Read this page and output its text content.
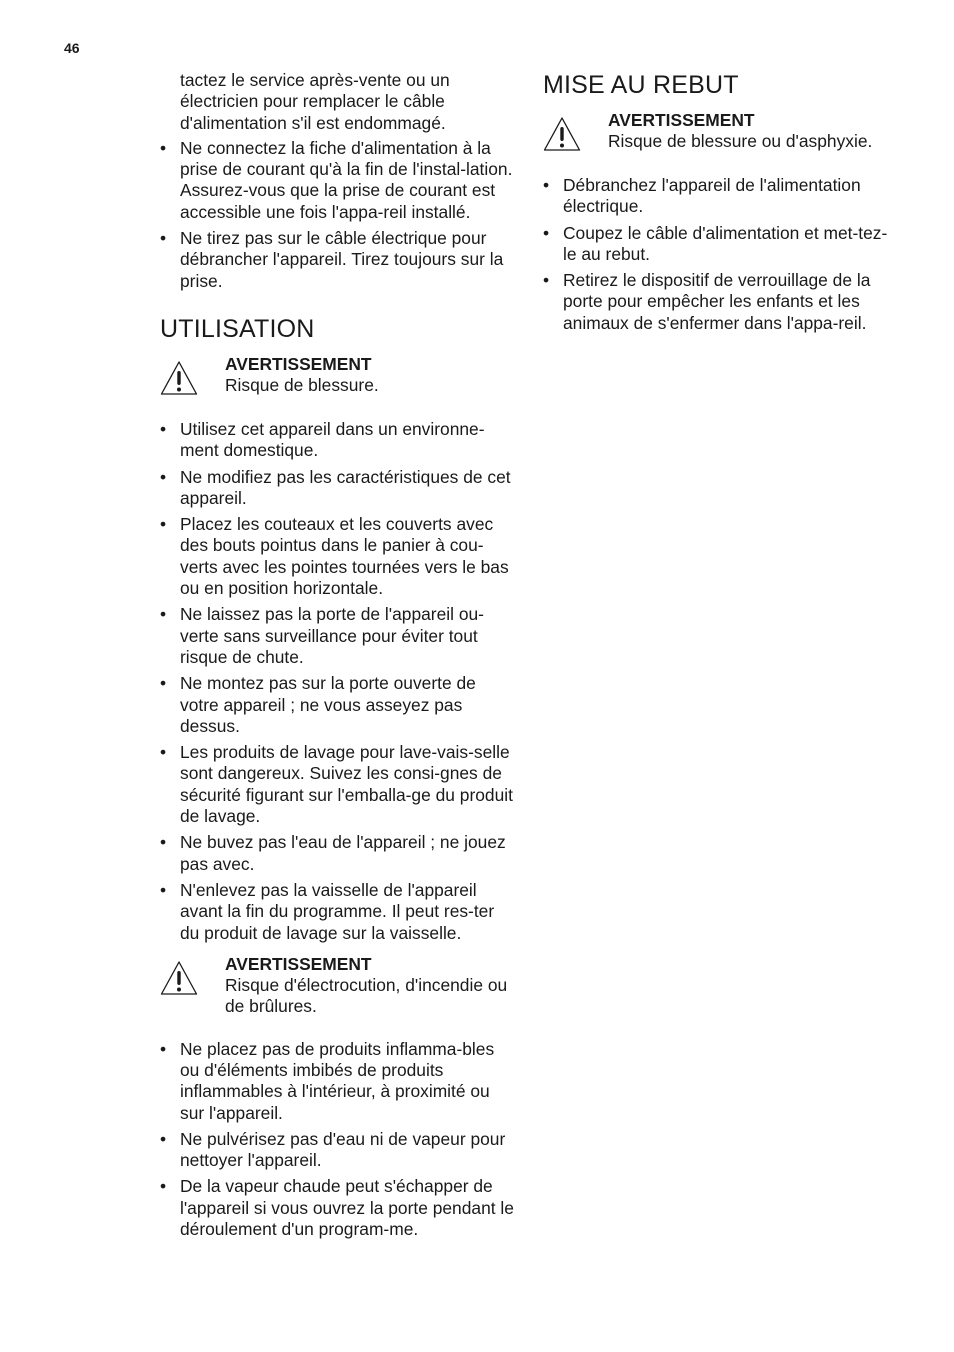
46

tactez le service après-vente ou un électricien pour remplacer le câble d'alimentation s'il est endommagé.

• Ne connectez la fiche d'alimentation à la prise de courant qu'à la fin de l'instal-lation. Assurez-vous que la prise de courant est accessible une fois l'appa-reil installé.
• Ne tirez pas sur le câble électrique pour débrancher l'appareil. Tirez toujours sur la prise.
UTILISATION
AVERTISSEMENT
Risque de blessure.
• Utilisez cet appareil dans un environne-ment domestique.
• Ne modifiez pas les caractéristiques de cet appareil.
• Placez les couteaux et les couverts avec des bouts pointus dans le panier à cou-verts avec les pointes tournées vers le bas ou en position horizontale.
• Ne laissez pas la porte de l'appareil ou-verte sans surveillance pour éviter tout risque de chute.
• Ne montez pas sur la porte ouverte de votre appareil ; ne vous asseyez pas dessus.
• Les produits de lavage pour lave-vais-selle sont dangereux. Suivez les consi-gnes de sécurité figurant sur l'emballa-ge du produit de lavage.
• Ne buvez pas l'eau de l'appareil ; ne jouez pas avec.
• N'enlevez pas la vaisselle de l'appareil avant la fin du programme. Il peut res-ter du produit de lavage sur la vaisselle.
AVERTISSEMENT
Risque d'électrocution, d'incendie ou de brûlures.
• Ne placez pas de produits inflamma-bles ou d'éléments imbibés de produits inflammables à l'intérieur, à proximité ou sur l'appareil.
• Ne pulvérisez pas d'eau ni de vapeur pour nettoyer l'appareil.
• De la vapeur chaude peut s'échapper de l'appareil si vous ouvrez la porte pendant le déroulement d'un program-me.
MISE AU REBUT
AVERTISSEMENT
Risque de blessure ou d'asphyxie.
• Débranchez l'appareil de l'alimentation électrique.
• Coupez le câble d'alimentation et met-tez-le au rebut.
• Retirez le dispositif de verrouillage de la porte pour empêcher les enfants et les animaux de s'enfermer dans l'appa-reil.
